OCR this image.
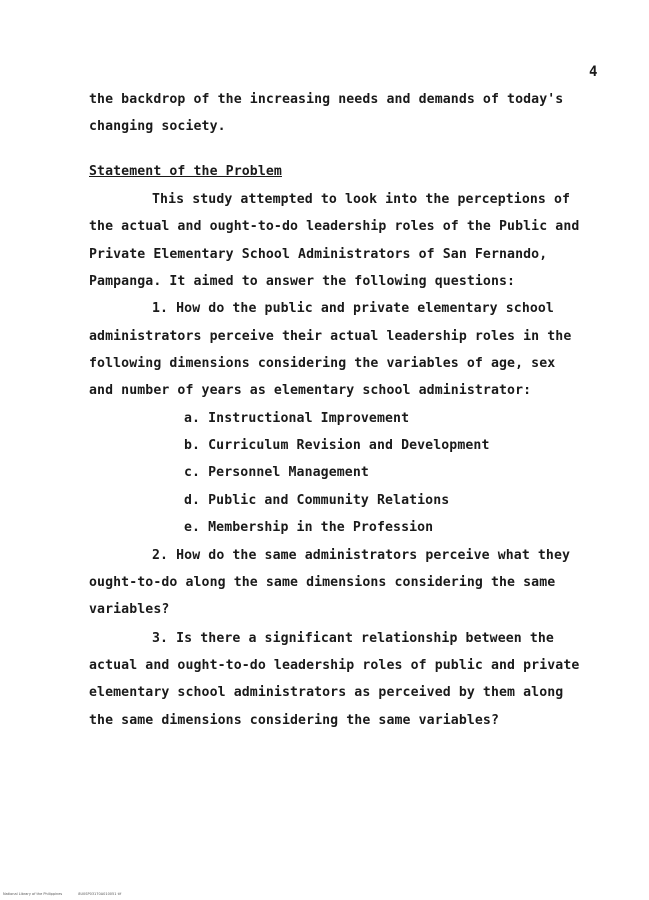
4
the backdrop of the increasing needs and demands of today's
changing society.
Statement of the Problem
This study attempted to look into the perceptions of
the actual and ought-to-do leadership roles of the Public and
Private Elementary School Administrators of San Fernando,
Pampanga. It aimed to answer the following questions:
1. How do the public and private elementary school
administrators perceive their actual leadership roles in the
following dimensions considering the variables of age, sex
and number of years as elementary school administrator:
a. Instructional Improvement
b. Curriculum Revision and Development
c. Personnel Management
d. Public and Community Relations
e. Membership in the Profession
2. How do the same administrators perceive what they
ought-to-do along the same dimensions considering the same
variables?
3. Is there a significant relationship between the
actual and ought-to-do leadership roles of public and private
elementary school administrators as perceived by them along
the same dimensions considering the same variables?
National Library of the Philippines	8U0SP03170A010051 tif
